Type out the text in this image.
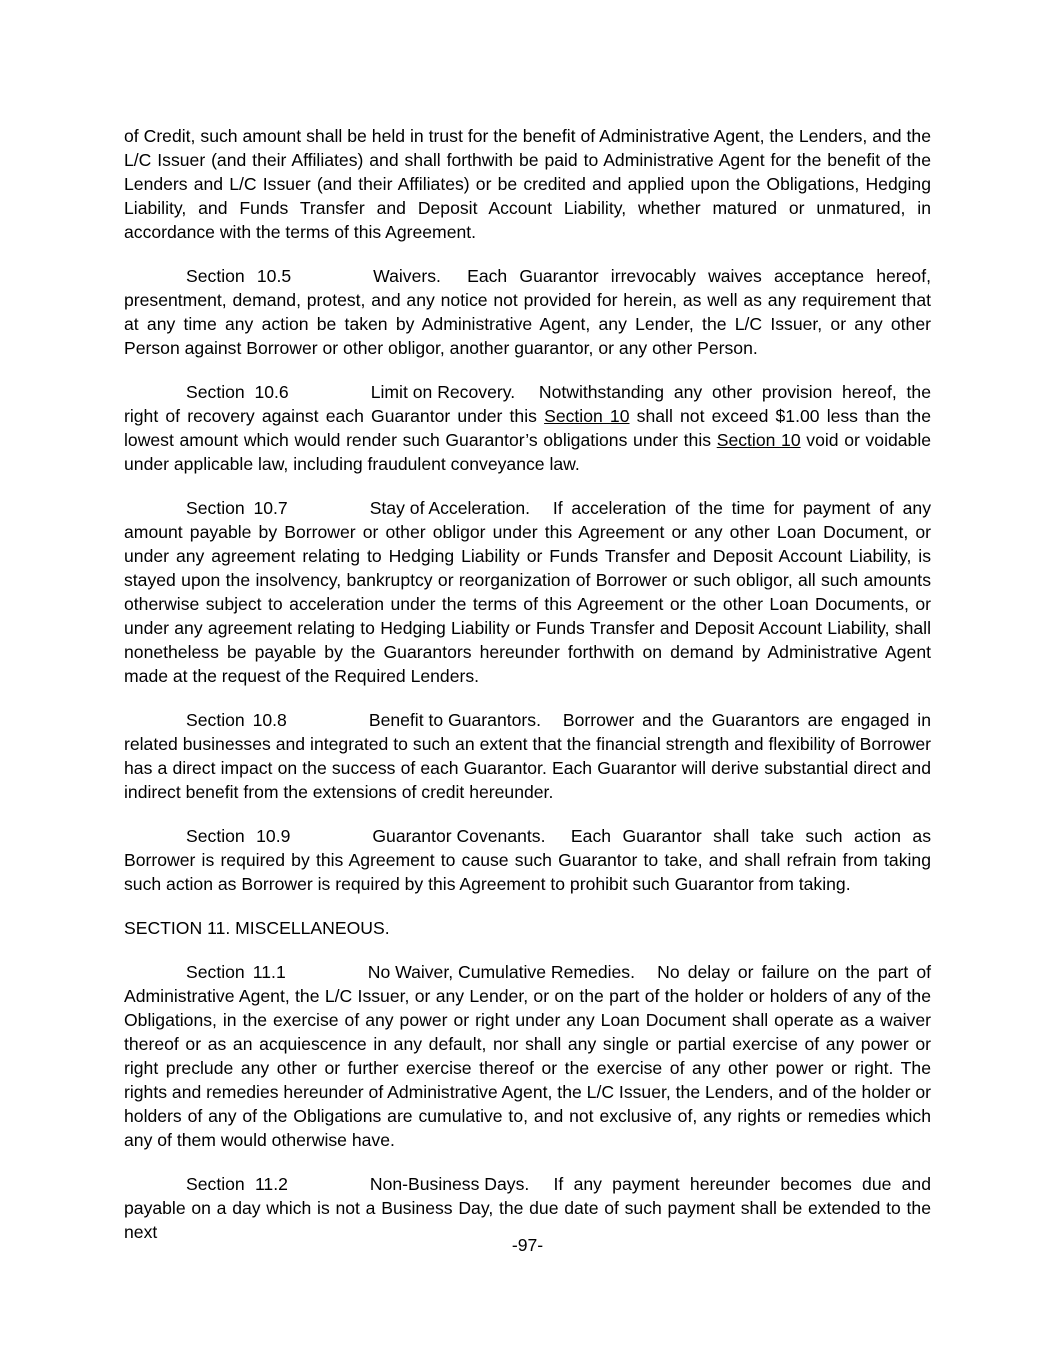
of Credit, such amount shall be held in trust for the benefit of Administrative Agent, the Lenders, and the L/C Issuer (and their Affiliates) and shall forthwith be paid to Administrative Agent for the benefit of the Lenders and L/C Issuer (and their Affiliates) or be credited and applied upon the Obligations, Hedging Liability, and Funds Transfer and Deposit Account Liability, whether matured or unmatured, in accordance with the terms of this Agreement.

Section 10.5	Waivers. Each Guarantor irrevocably waives acceptance hereof, presentment, demand, protest, and any notice not provided for herein, as well as any requirement that at any time any action be taken by Administrative Agent, any Lender, the L/C Issuer, or any other Person against Borrower or other obligor, another guarantor, or any other Person.

Section 10.6	Limit on Recovery. Notwithstanding any other provision hereof, the right of recovery against each Guarantor under this Section 10 shall not exceed $1.00 less than the lowest amount which would render such Guarantor’s obligations under this Section 10 void or voidable under applicable law, including fraudulent conveyance law.

Section 10.7	Stay of Acceleration. If acceleration of the time for payment of any amount payable by Borrower or other obligor under this Agreement or any other Loan Document, or under any agreement relating to Hedging Liability or Funds Transfer and Deposit Account Liability, is stayed upon the insolvency, bankruptcy or reorganization of Borrower or such obligor, all such amounts otherwise subject to acceleration under the terms of this Agreement or the other Loan Documents, or under any agreement relating to Hedging Liability or Funds Transfer and Deposit Account Liability, shall nonetheless be payable by the Guarantors hereunder forthwith on demand by Administrative Agent made at the request of the Required Lenders.

Section 10.8	Benefit to Guarantors. Borrower and the Guarantors are engaged in related businesses and integrated to such an extent that the financial strength and flexibility of Borrower has a direct impact on the success of each Guarantor. Each Guarantor will derive substantial direct and indirect benefit from the extensions of credit hereunder.

Section 10.9	Guarantor Covenants. Each Guarantor shall take such action as Borrower is required by this Agreement to cause such Guarantor to take, and shall refrain from taking such action as Borrower is required by this Agreement to prohibit such Guarantor from taking.

SECTION 11. MISCELLANEOUS.

Section 11.1	No Waiver, Cumulative Remedies. No delay or failure on the part of Administrative Agent, the L/C Issuer, or any Lender, or on the part of the holder or holders of any of the Obligations, in the exercise of any power or right under any Loan Document shall operate as a waiver thereof or as an acquiescence in any default, nor shall any single or partial exercise of any power or right preclude any other or further exercise thereof or the exercise of any other power or right. The rights and remedies hereunder of Administrative Agent, the L/C Issuer, the Lenders, and of the holder or holders of any of the Obligations are cumulative to, and not exclusive of, any rights or remedies which any of them would otherwise have.

Section 11.2	Non-Business Days. If any payment hereunder becomes due and payable on a day which is not a Business Day, the due date of such payment shall be extended to the next

-97-
